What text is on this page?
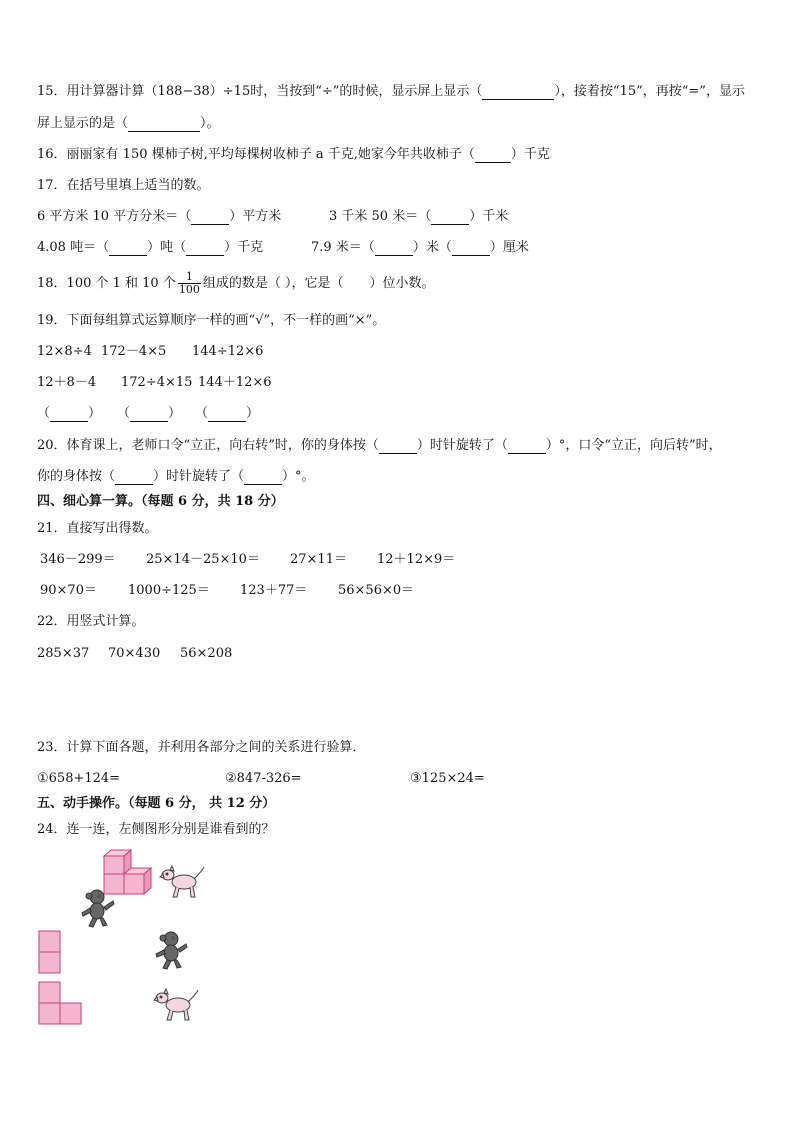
15．用计算器计算（188−38）÷15时，当按到“÷”的时候，显示屏上显示（	），接着按“15”，再按“=”，显示
屏上显示的是（	）。
16．丽丽家有 150 棵柿子树,平均每棵树收柿子 a 千克,她家今年共收柿子（	）千克
17．在括号里填上适当的数。
6 平方米 10 平方分米＝（	）平方米	3 千米 50 米＝（	）千米
4.08 吨＝（	）吨（	）千克	7.9 米＝（	）米（	）厘米
18．100 个 1 和 10 个 $\frac{1}{100}$ 组成的数是（ ），它是（　　）位小数。
19．下面每组算式运算顺序一样的画“√”，不一样的画“×”。
12×8÷4 172－4×5 144÷12×6
12＋8－4 172÷4×15 144＋12×6
（	） （	） （	）
20．体育课上，老师口令“立正，向右转”时，你的身体按（	）时针旋转了（	）°，口令“立正，向后转”时，
你的身体按（	）时针旋转了（	）°。
四、细心算一算。（每题 6 分，共 18 分）
21．直接写出得数。
346－299＝ 25×14－25×10＝ 27×11＝ 12＋12×9＝
90×70＝ 1000÷125＝ 123＋77＝ 56×56×0＝
22．用竖式计算。
285×37 70×430 56×208
23．计算下面各题，并利用各部分之间的关系进行验算．
①658+124=	②847-326=	③125×24=
五、动手操作。（每题 6 分， 共 12 分）
24．连一连，左侧图形分别是谁看到的？
